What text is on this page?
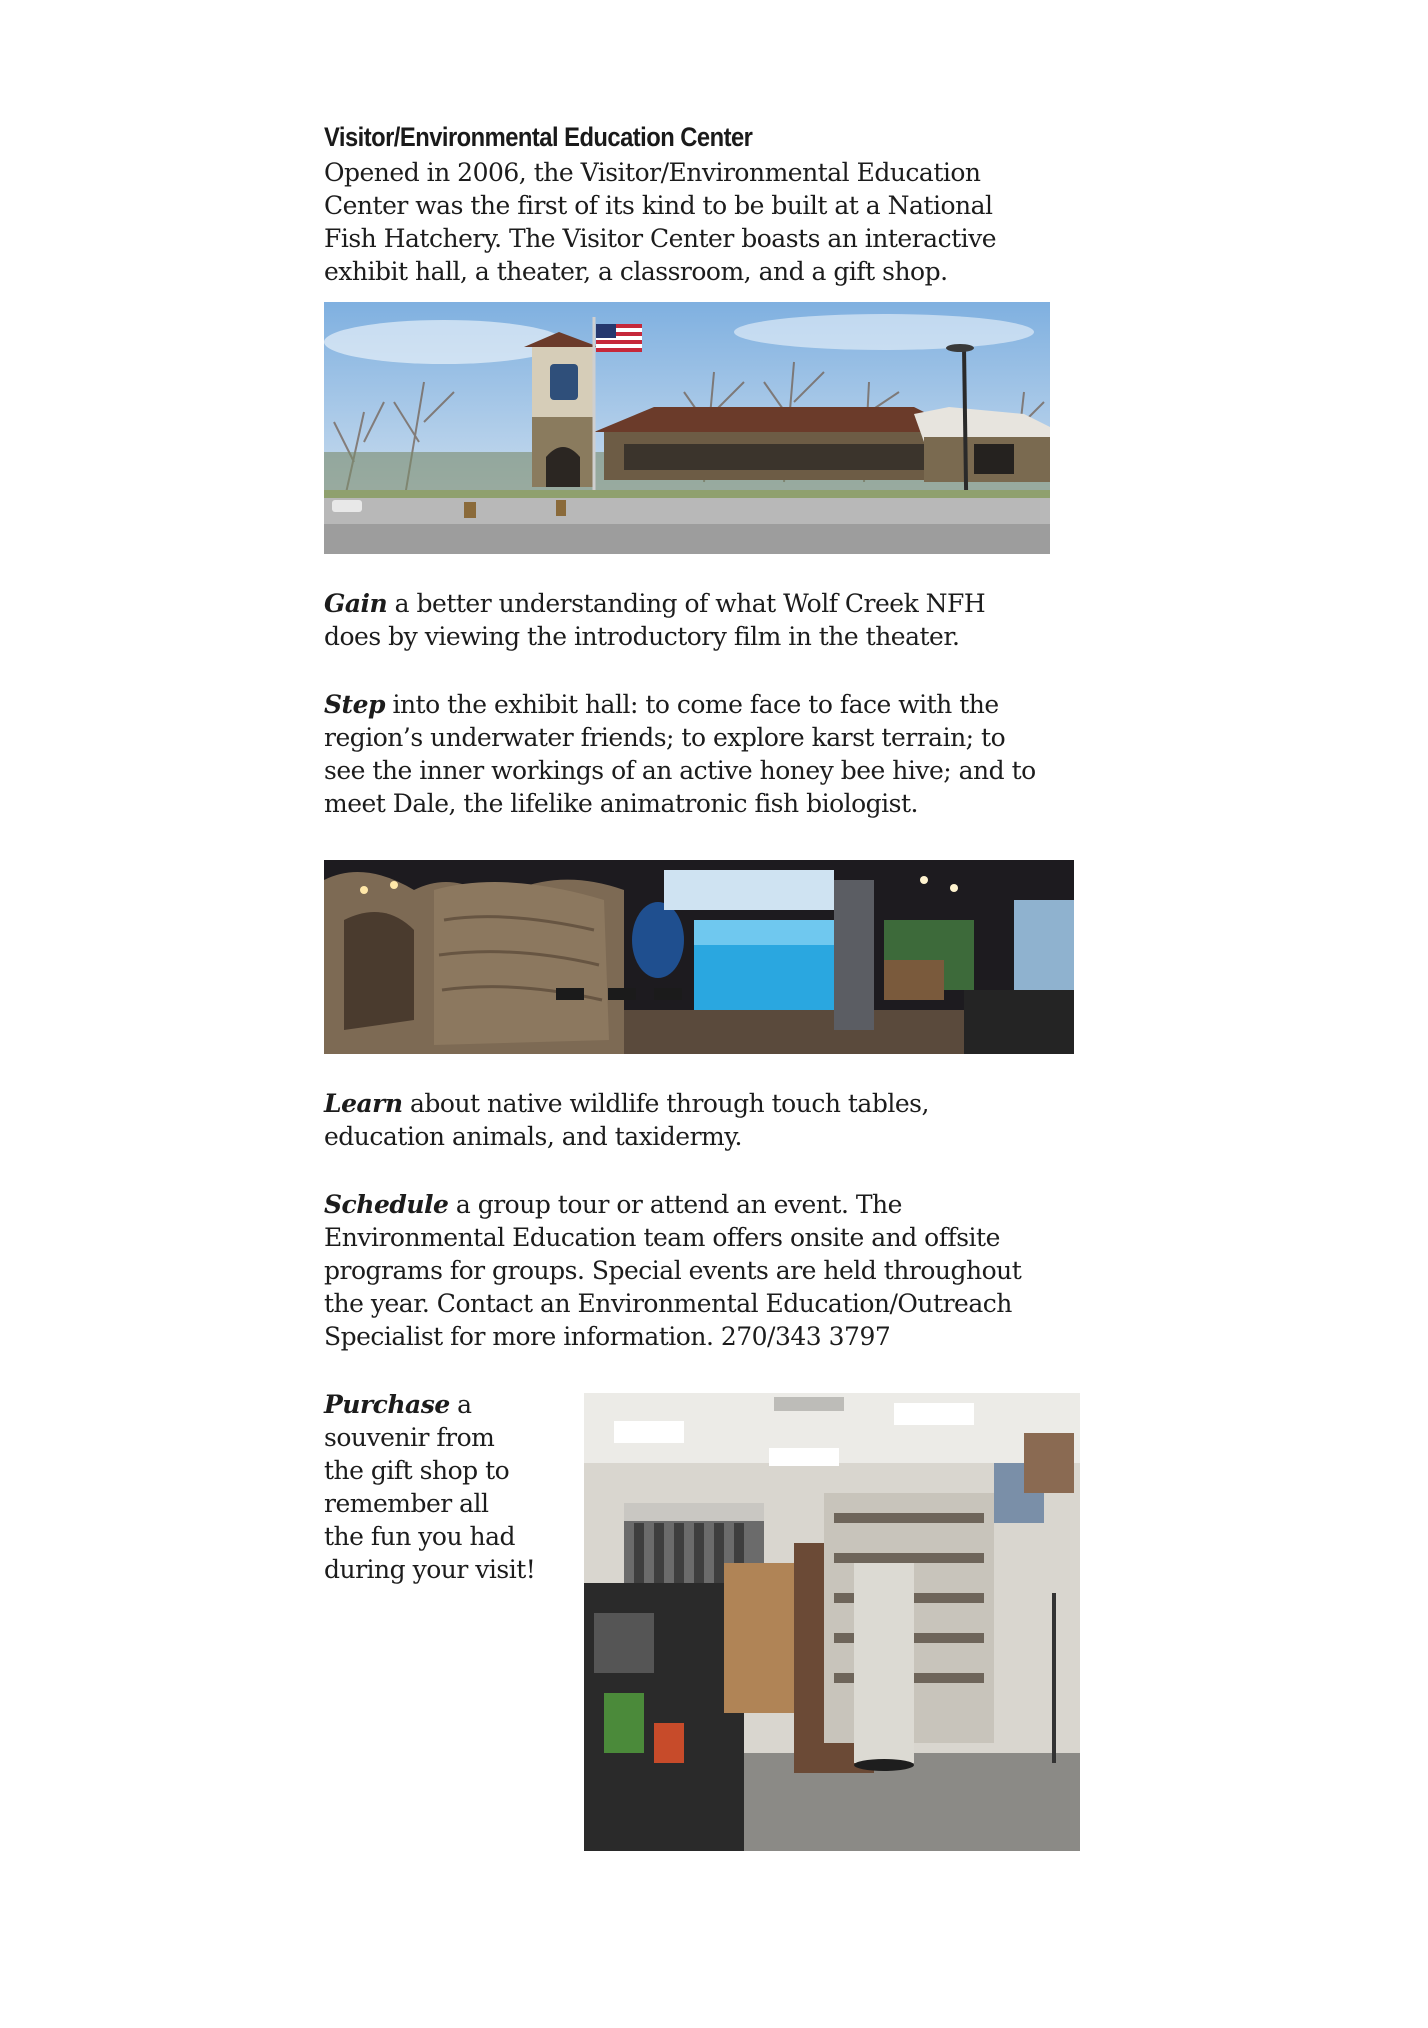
Visitor/Environmental Education Center
Opened in 2006, the Visitor/Environmental Education
Center was the first of its kind to be built at a National
Fish Hatchery. The Visitor Center boasts an interactive
exhibit hall, a theater, a classroom, and a gift shop.
Gain a better understanding of what Wolf Creek NFH
does by viewing the introductory film in the theater.
Step into the exhibit hall: to come face to face with the
region’s underwater friends; to explore karst terrain; to
see the inner workings of an active honey bee hive; and to
meet Dale, the lifelike animatronic fish biologist.
Learn about native wildlife through touch tables,
education animals, and taxidermy.
Schedule a group tour or attend an event. The
Environmental Education team offers onsite and offsite
programs for groups. Special events are held throughout
the year. Contact an Environmental Education/Outreach
Specialist for more information. 270/343 3797
Purchase a
souvenir from
the gift shop to
remember all
the fun you had
during your visit!
